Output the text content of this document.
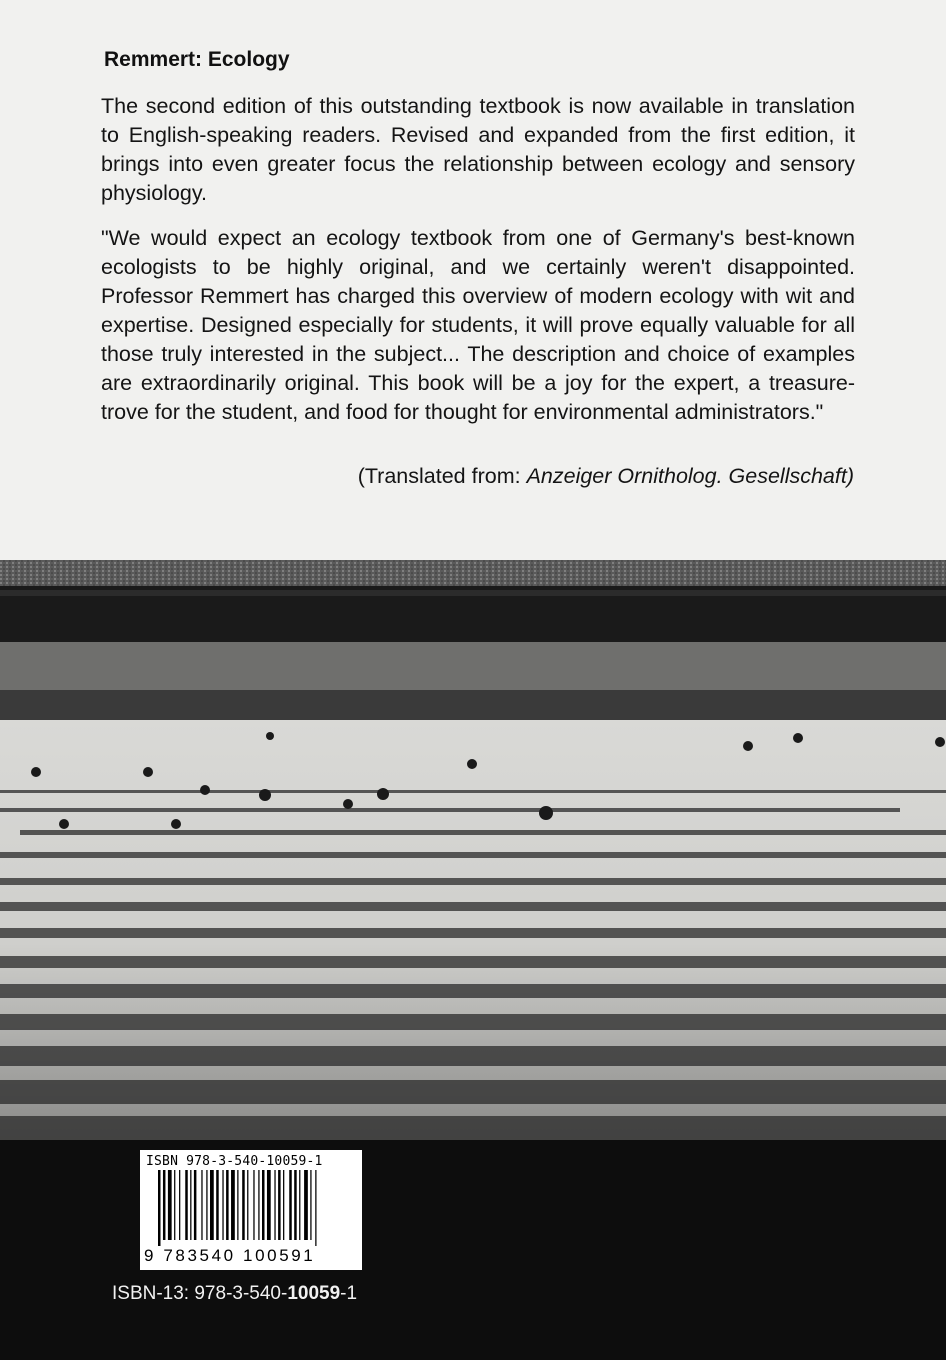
Remmert: Ecology

The second edition of this outstanding textbook is now available in translation to English-speaking readers. Revised and expanded from the first edition, it brings into even greater focus the relationship between ecology and sensory physiology.

"We would expect an ecology textbook from one of Germany's best-known ecologists to be highly original, and we certainly weren't disappointed. Professor Remmert has charged this overview of modern ecology with wit and expertise. Designed especially for students, it will prove equally valuable for all those truly interested in the subject... The description and choice of examples are extraordinarily original. This book will be a joy for the expert, a treasure-trove for the student, and food for thought for environmental administrators."

(Translated from: Anzeiger Ornitholog. Gesellschaft)
ISBN 978-3-540-10059-1
9 783540 100591
ISBN-13: 978-3-540-10059-1
